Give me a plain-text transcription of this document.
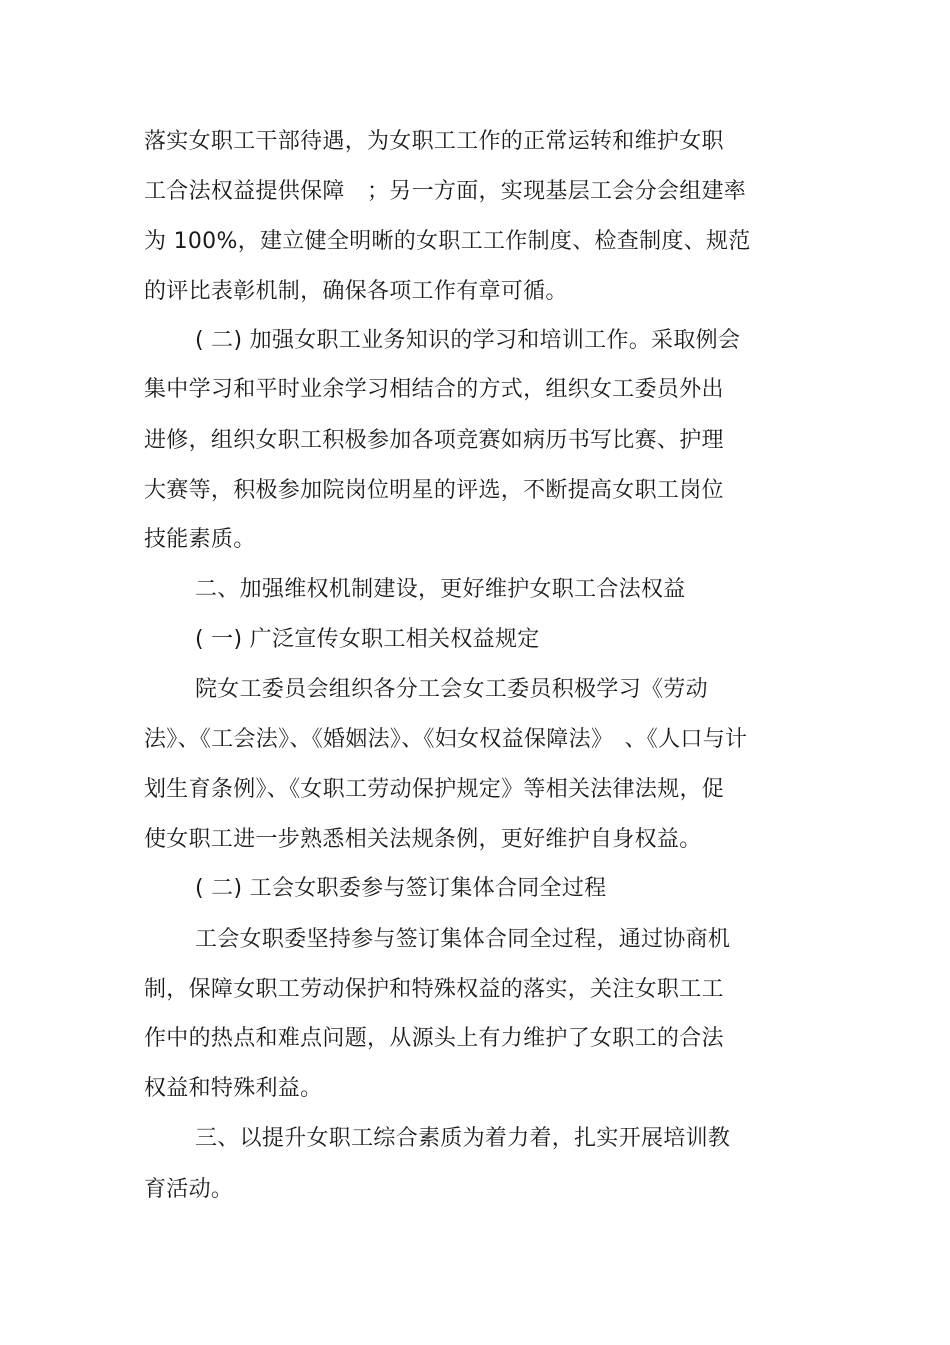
落实女职工干部待遇，为女职工工作的正常运转和维护女职
工合法权益提供保障　；另一方面，实现基层工会分会组建率
为 100%，建立健全明晰的女职工工作制度、检查制度、规范
的评比表彰机制，确保各项工作有章可循。
( 二) 加强女职工业务知识的学习和培训工作。采取例会
集中学习和平时业余学习相结合的方式，组织女工委员外出
进修，组织女职工积极参加各项竞赛如病历书写比赛、护理
大赛等，积极参加院岗位明星的评选，不断提高女职工岗位
技能素质。
二、加强维权机制建设，更好维护女职工合法权益
( 一) 广泛宣传女职工相关权益规定
院女工委员会组织各分工会女工委员积极学习《劳动
法》、《工会法》、《婚姻法》、《妇女权益保障法》　、《人口与计
划生育条例》、《女职工劳动保护规定》等相关法律法规，促
使女职工进一步熟悉相关法规条例，更好维护自身权益。
( 二) 工会女职委参与签订集体合同全过程
工会女职委坚持参与签订集体合同全过程，通过协商机
制，保障女职工劳动保护和特殊权益的落实，关注女职工工
作中的热点和难点问题，从源头上有力维护了女职工的合法
权益和特殊利益。
三、以提升女职工综合素质为着力着，扎实开展培训教
育活动。
